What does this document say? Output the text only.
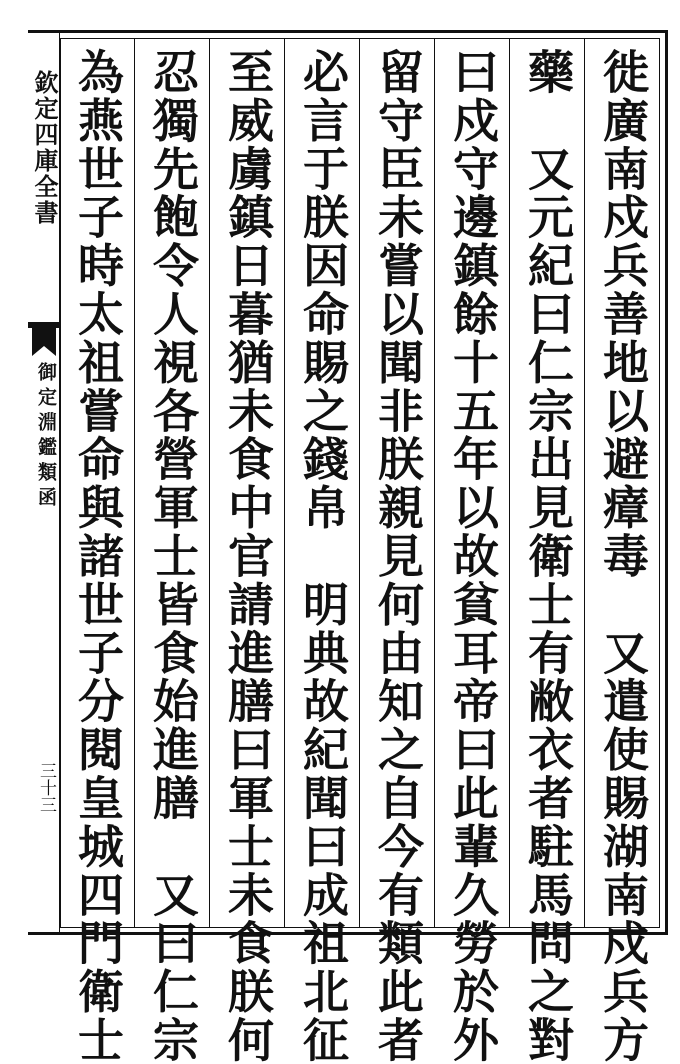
欽定四庫全書
御定淵鑑類函
三十三	徙廣南戍兵善地以避瘴毒　又遣使賜湖南戍兵方
藥　又元紀曰仁宗出見衛士有敝衣者駐馬問之對
曰戍守邊鎮餘十五年以故貧耳帝曰此輩久勞於外
留守臣未嘗以聞非朕親見何由知之自今有類此者
必言于朕因命賜之錢帛　明典故紀聞曰成祖北征
至威虜鎮日暮猶未食中官請進膳曰軍士未食朕何
忍獨先飽令人視各營軍士皆食始進膳　又曰仁宗
為燕世子時太祖嘗命與諸世子分閱皇城四門衛士
